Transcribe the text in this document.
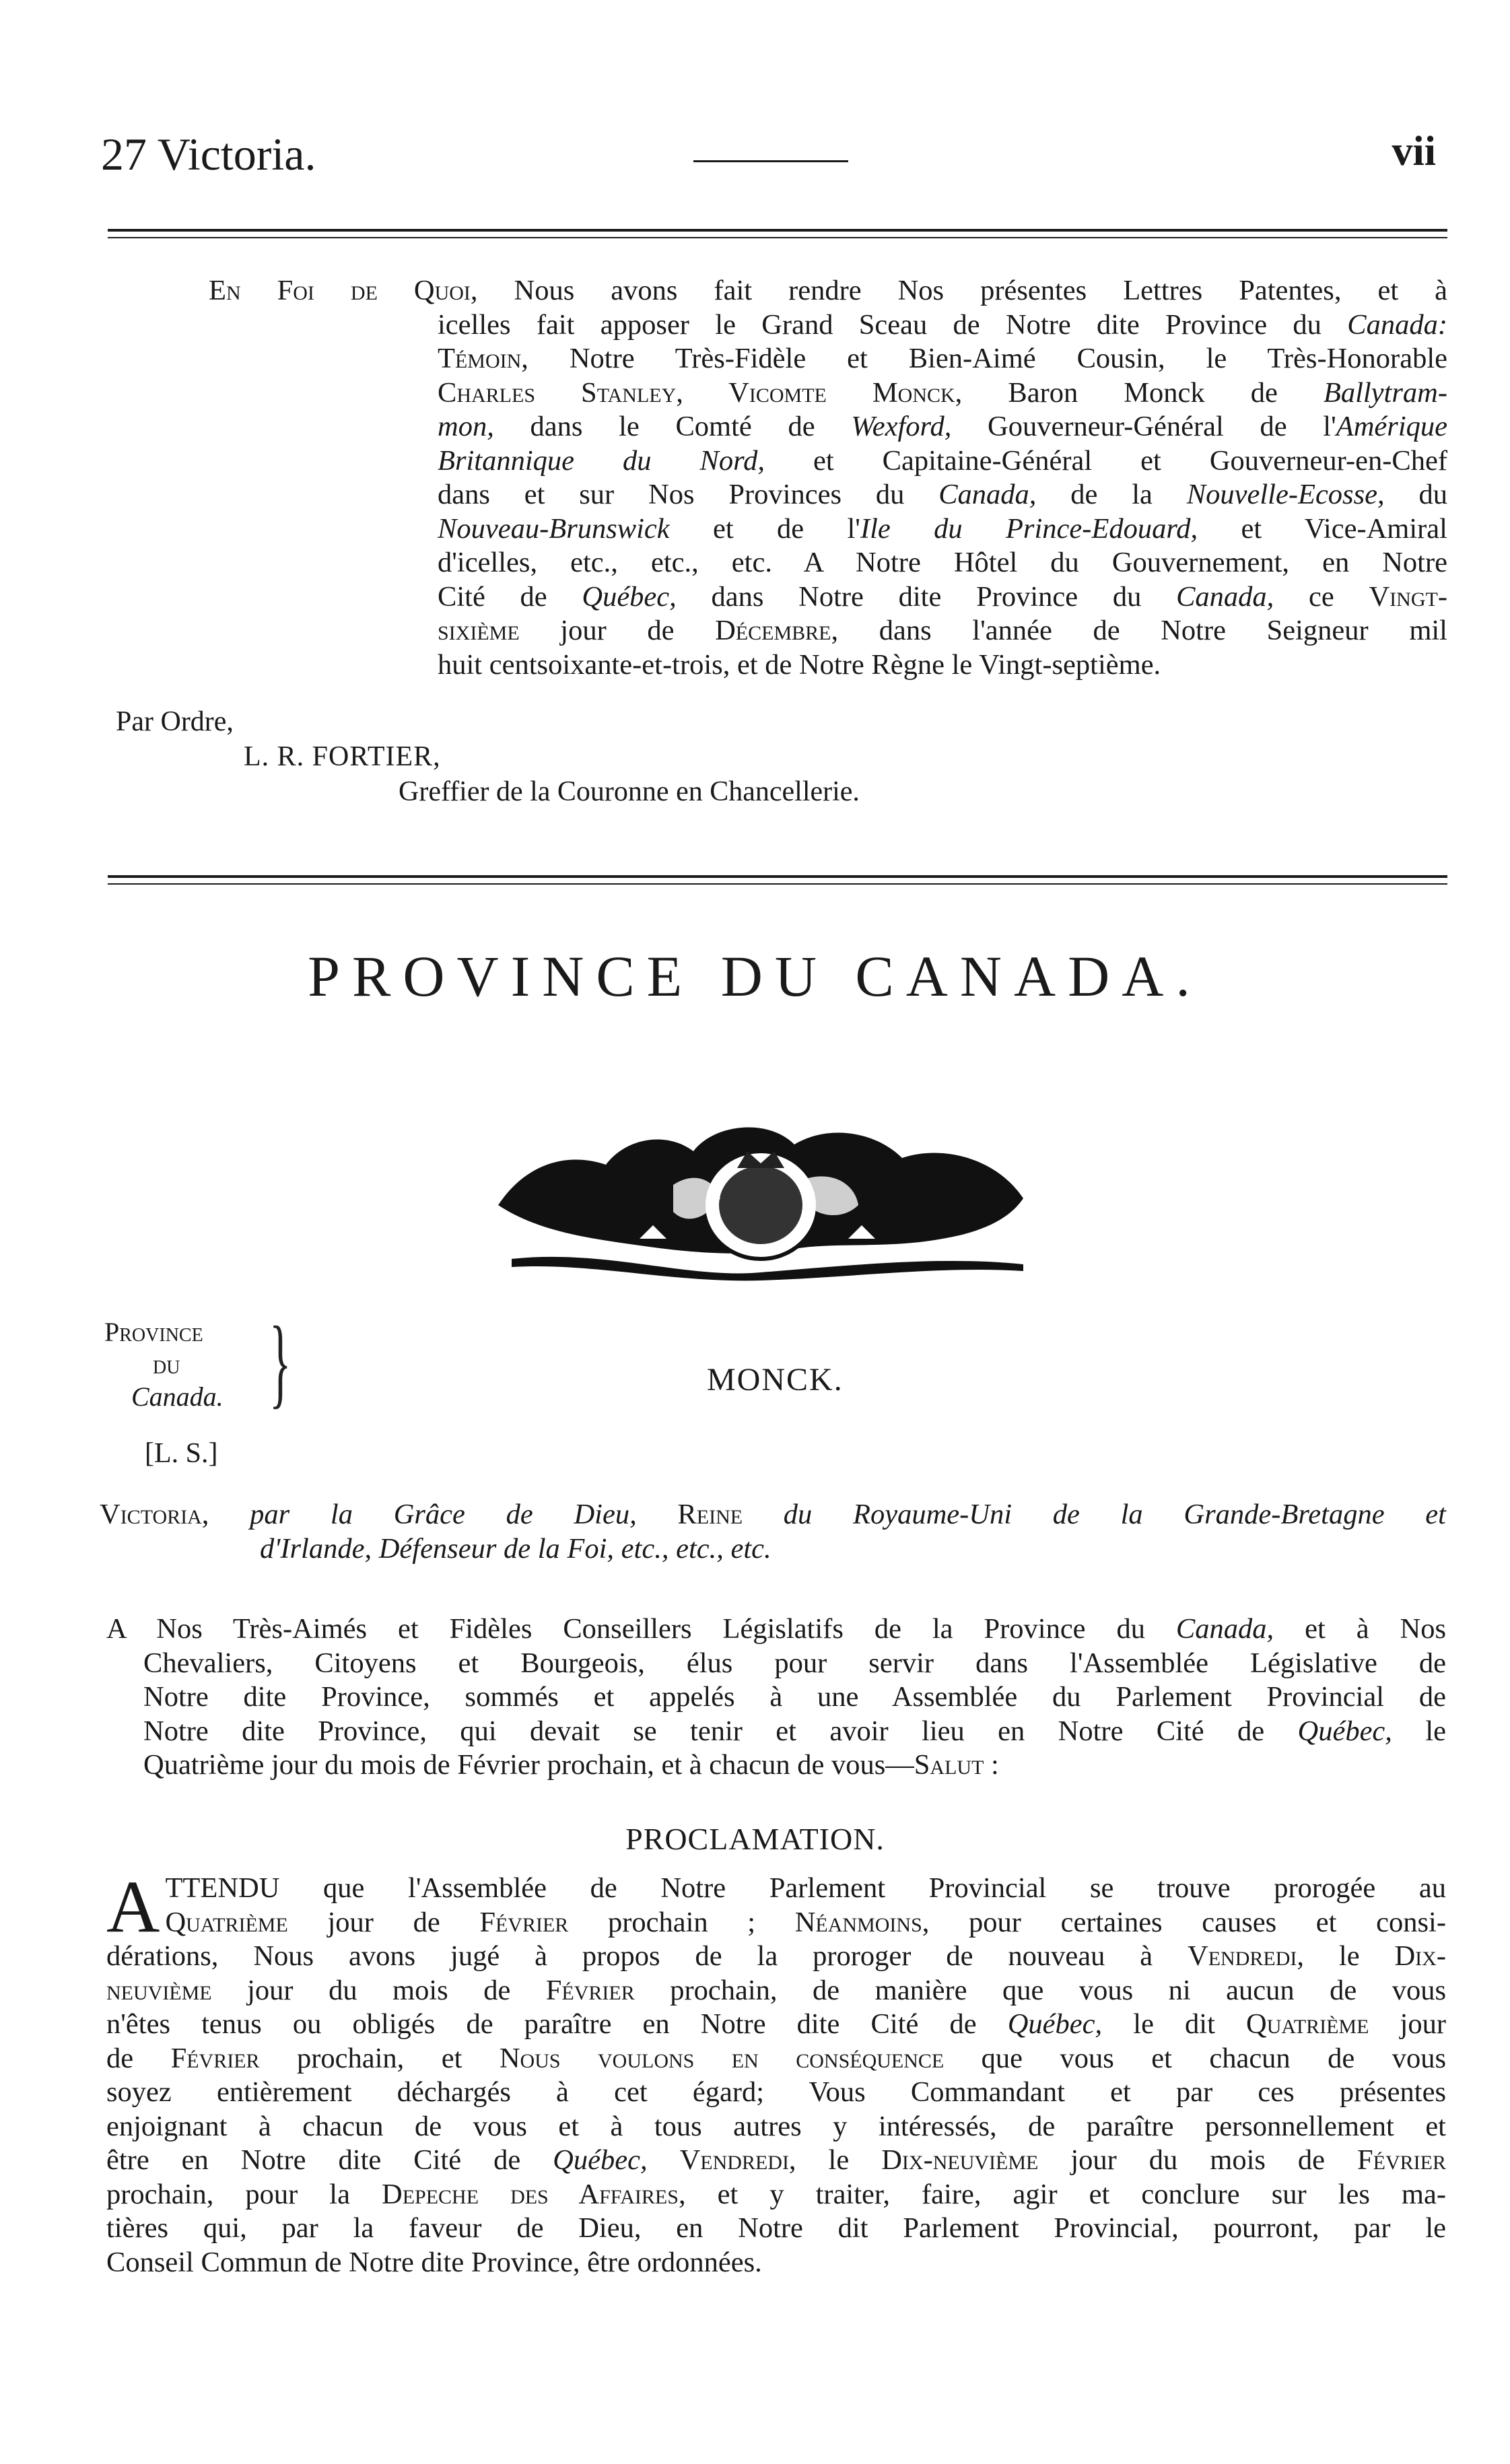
27 Victoria.	vii
En Foi de Quoi, Nous avons fait rendre Nos présentes Lettres Patentes, et à
icelles fait apposer le Grand Sceau de Notre dite Province du Canada:
Témoin, Notre Très-Fidèle et Bien-Aimé Cousin, le Très-Honorable
Charles Stanley, Vicomte Monck, Baron Monck de Ballytram-
mon, dans le Comté de Wexford, Gouverneur-Général de l'Amérique
Britannique du Nord, et Capitaine-Général et Gouverneur-en-Chef
dans et sur Nos Provinces du Canada, de la Nouvelle-Ecosse, du
Nouveau-Brunswick et de l'Ile du Prince-Edouard, et Vice-Amiral
d'icelles, etc., etc., etc. A Notre Hôtel du Gouvernement, en Notre
Cité de Québec, dans Notre dite Province du Canada, ce Vingt-
sixième jour de Décembre, dans l'année de Notre Seigneur mil
huit centsoixante-et-trois, et de Notre Règne le Vingt-septième.
Par Ordre,
L. R. FORTIER,
Greffier de la Couronne en Chancellerie.
PROVINCE DU CANADA.
Province
du
Canada. }	MONCK.
[L. S.]
Victoria, par la Grâce de Dieu, Reine du Royaume-Uni de la Grande-Bretagne et
d'Irlande, Défenseur de la Foi, etc., etc., etc.
A Nos Très-Aimés et Fidèles Conseillers Législatifs de la Province du Canada, et à Nos
Chevaliers, Citoyens et Bourgeois, élus pour servir dans l'Assemblée Législative de
Notre dite Province, sommés et appelés à une Assemblée du Parlement Provincial de
Notre dite Province, qui devait se tenir et avoir lieu en Notre Cité de Québec, le
Quatrième jour du mois de Février prochain, et à chacun de vous—Salut :
PROCLAMATION.
A TTENDU que l'Assemblée de Notre Parlement Provincial se trouve prorogée au
Quatrième jour de Février prochain ; Néanmoins, pour certaines causes et consi-
dérations, Nous avons jugé à propos de la proroger de nouveau à Vendredi, le Dix-
neuvième jour du mois de Février prochain, de manière que vous ni aucun de vous
n'êtes tenus ou obligés de paraître en Notre dite Cité de Québec, le dit Quatrième jour
de Février prochain, et Nous voulons en conséquence que vous et chacun de vous
soyez entièrement déchargés à cet égard; Vous Commandant et par ces présentes
enjoignant à chacun de vous et à tous autres y intéressés, de paraître personnellement et
être en Notre dite Cité de Québec, Vendredi, le Dix-neuvième jour du mois de Février
prochain, pour la Depeche des Affaires, et y traiter, faire, agir et conclure sur les ma-
tières qui, par la faveur de Dieu, en Notre dit Parlement Provincial, pourront, par le
Conseil Commun de Notre dite Province, être ordonnées.
